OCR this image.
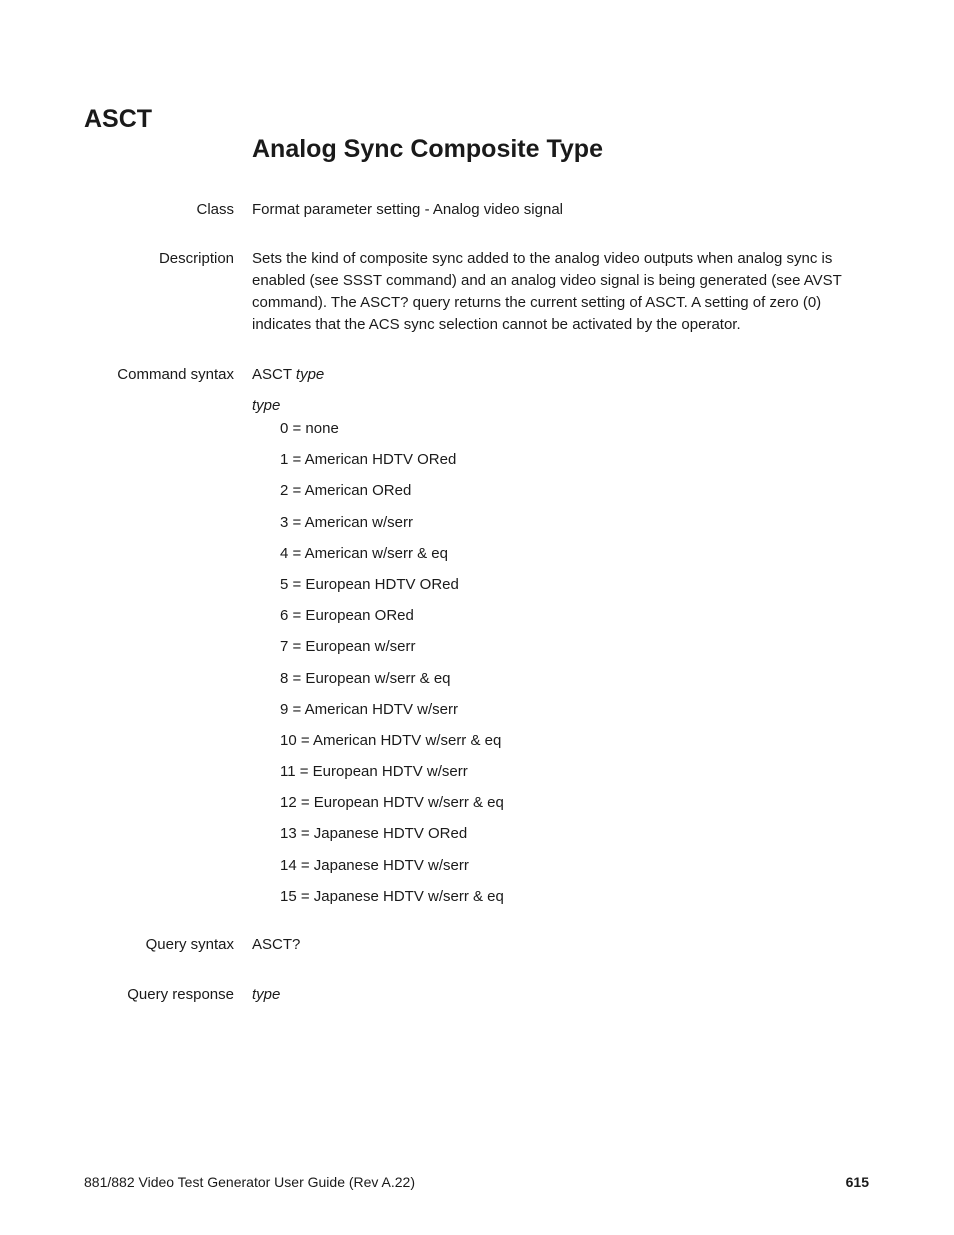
ASCT
Analog Sync Composite Type
Class Format parameter setting - Analog video signal
Description Sets the kind of composite sync added to the analog video outputs when analog sync is enabled (see SSST command) and an analog video signal is being generated (see AVST command). The ASCT? query returns the current setting of ASCT. A setting of zero (0) indicates that the ACS sync selection cannot be activated by the operator.
Command syntax ASCT type
type
0 = none
1 = American HDTV ORed
2 = American ORed
3 = American w/serr
4 = American w/serr & eq
5 = European HDTV ORed
6 = European ORed
7 = European w/serr
8 = European w/serr & eq
9 = American HDTV w/serr
10 = American HDTV w/serr & eq
11 = European HDTV w/serr
12 = European HDTV w/serr & eq
13 = Japanese HDTV ORed
14 = Japanese HDTV w/serr
15 = Japanese HDTV w/serr & eq
Query syntax ASCT?
Query response type
881/882 Video Test Generator User Guide (Rev A.22)	615
